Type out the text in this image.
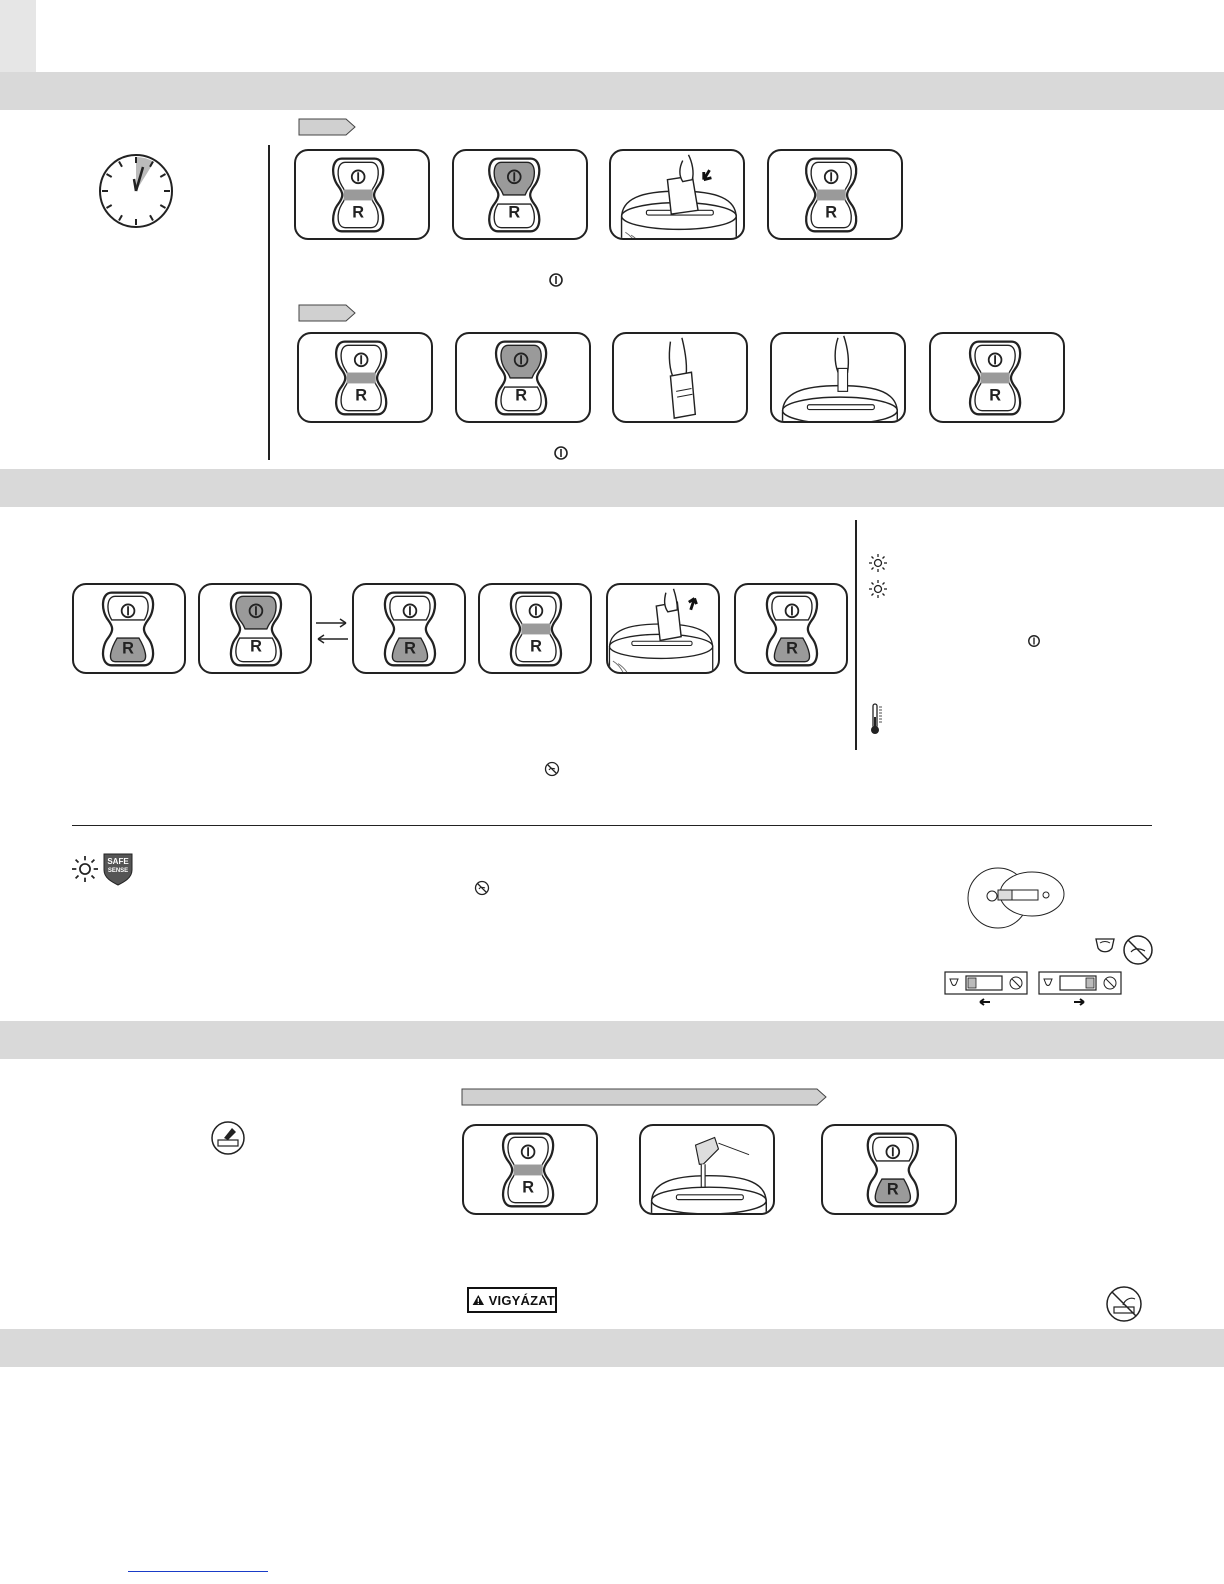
SAFE
SENSE
VIGYÁZAT
